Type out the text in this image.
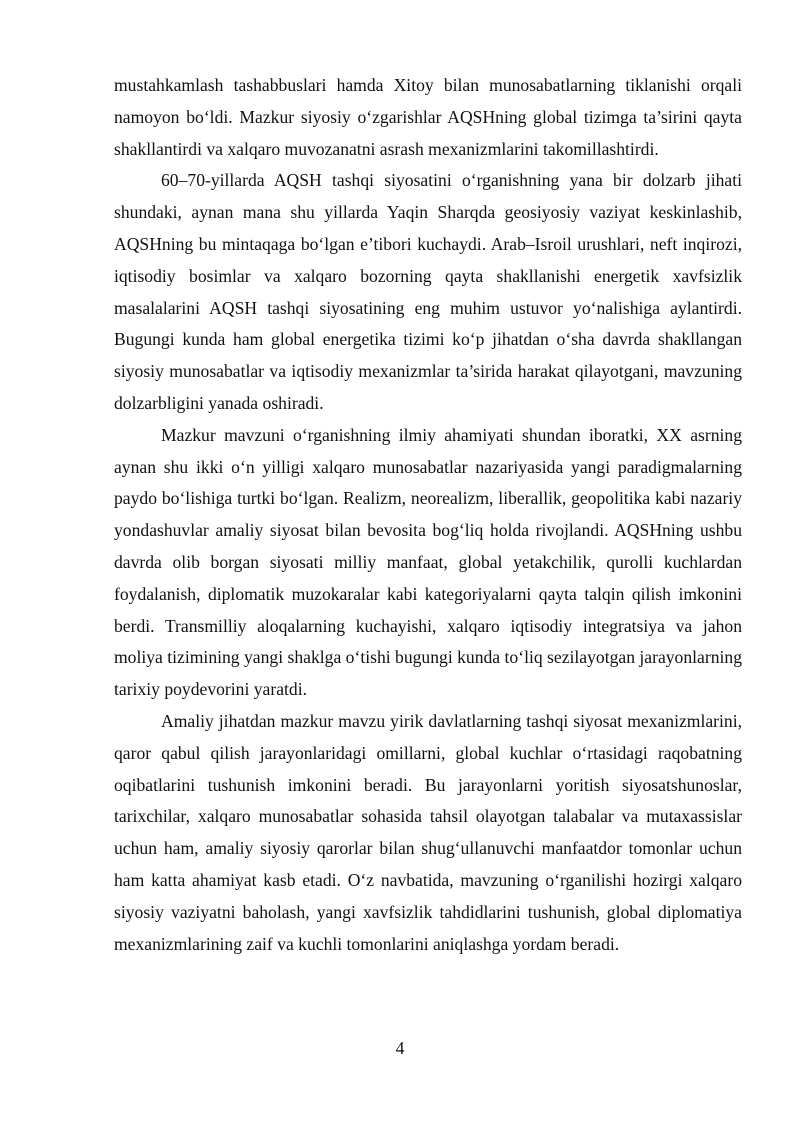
mustahkamlash tashabbuslari hamda Xitoy bilan munosabatlarning tiklanishi orqali namoyon boʻldi. Mazkur siyosiy oʻzgarishlar AQSHning global tizimga ta’sirini qayta shakllantirdi va xalqaro muvozanatni asrash mexanizmlarini takomillashtirdi.

60–70-yillarda AQSH tashqi siyosatini oʻrganishning yana bir dolzarb jihati shundaki, aynan mana shu yillarda Yaqin Sharqda geosiyosiy vaziyat keskinlashib, AQSHning bu mintaqaga boʻlgan e’tibori kuchaydi. Arab–Isroil urushlari, neft inqirozi, iqtisodiy bosimlar va xalqaro bozorning qayta shakllanishi energetik xavfsizlik masalalarini AQSH tashqi siyosatining eng muhim ustuvor yoʻnalishiga aylantirdi. Bugungi kunda ham global energetika tizimi koʻp jihatdan oʻsha davrda shakllangan siyosiy munosabatlar va iqtisodiy mexanizmlar ta’sirida harakat qilayotgani, mavzuning dolzarbligini yanada oshiradi.

Mazkur mavzuni oʻrganishning ilmiy ahamiyati shundan iboratki, XX asrning aynan shu ikki oʻn yilligi xalqaro munosabatlar nazariyasida yangi paradigmalarning paydo boʻlishiga turtki boʻlgan. Realizm, neorealizm, liberallik, geopolitika kabi nazariy yondashuvlar amaliy siyosat bilan bevosita bogʻliq holda rivojlandi. AQSHning ushbu davrda olib borgan siyosati milliy manfaat, global yetakchilik, qurolli kuchlardan foydalanish, diplomatik muzokaralar kabi kategoriyalarni qayta talqin qilish imkonini berdi. Transmilliy aloqalarning kuchayishi, xalqaro iqtisodiy integratsiya va jahon moliya tizimining yangi shaklga oʻtishi bugungi kunda toʻliq sezilayotgan jarayonlarning tarixiy poydevorini yaratdi.

Amaliy jihatdan mazkur mavzu yirik davlatlarning tashqi siyosat mexanizmlarini, qaror qabul qilish jarayonlaridagi omillarni, global kuchlar oʻrtasidagi raqobatning oqibatlarini tushunish imkonini beradi. Bu jarayonlarni yoritish siyosatshunoslar, tarixchilar, xalqaro munosabatlar sohasida tahsil olayotgan talabalar va mutaxassislar uchun ham, amaliy siyosiy qarorlar bilan shugʻullanuvchi manfaatdor tomonlar uchun ham katta ahamiyat kasb etadi. Oʻz navbatida, mavzuning oʻrganilishi hozirgi xalqaro siyosiy vaziyatni baholash, yangi xavfsizlik tahdidlarini tushunish, global diplomatiya mexanizmlarining zaif va kuchli tomonlarini aniqlashga yordam beradi.

4
